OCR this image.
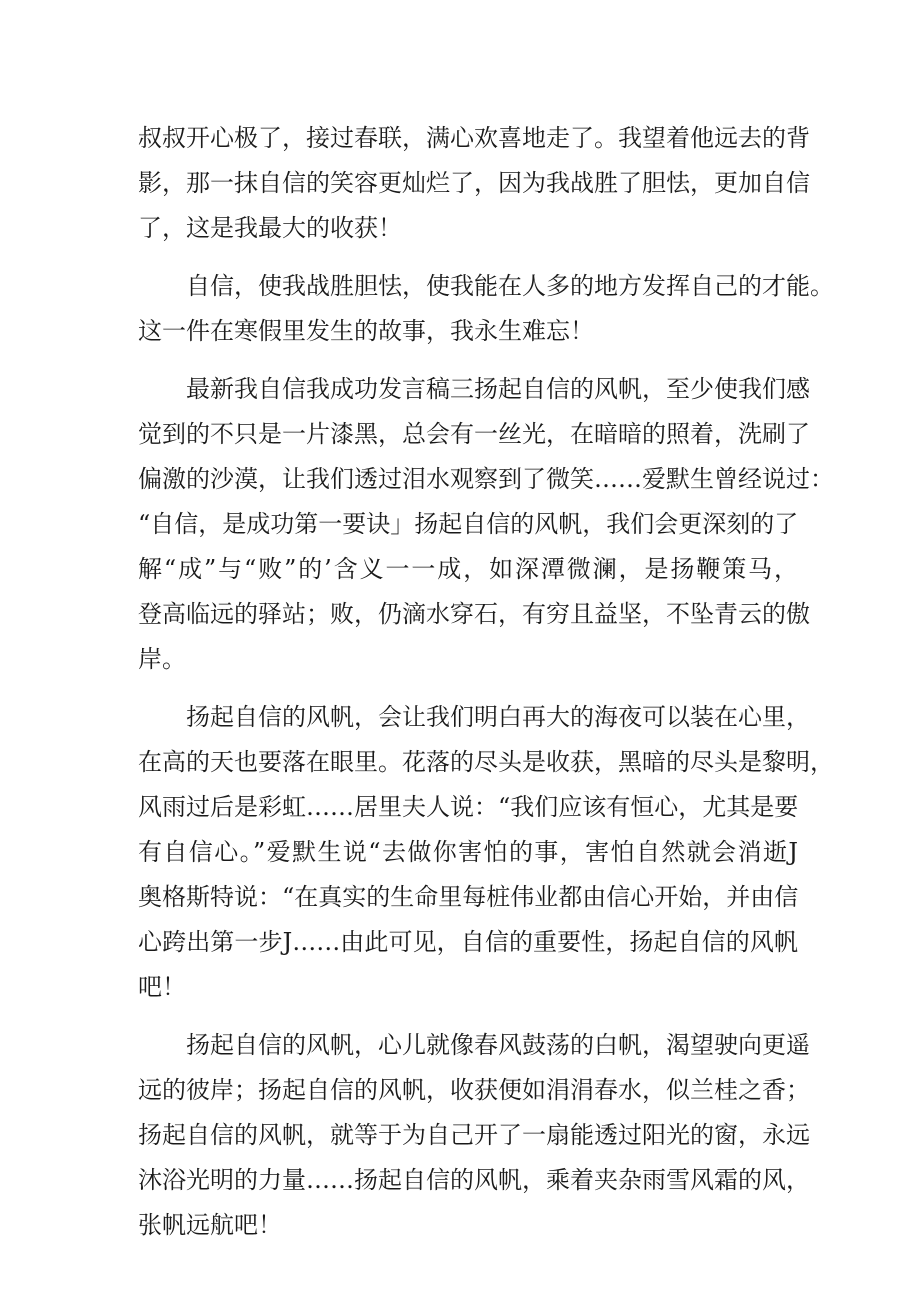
叔叔开心极了，接过春联，满心欢喜地走了。我望着他远去的背
影，那一抹自信的笑容更灿烂了，因为我战胜了胆怯，更加自信
了，这是我最大的收获！
自信，使我战胜胆怯，使我能在人多的地方发挥自己的才能。
这一件在寒假里发生的故事，我永生难忘！
最新我自信我成功发言稿三扬起自信的风帆，至少使我们感
觉到的不只是一片漆黑，总会有一丝光，在暗暗的照着，洗刷了
偏激的沙漠，让我们透过泪水观察到了微笑……爱默生曾经说过：
“自信，是成功第一要诀」扬起自信的风帆，我们会更深刻的了
解“成”与“败”的’含义一一成，如深潭微澜，是扬鞭策马，
登高临远的驿站；败，仍滴水穿石，有穷且益坚，不坠青云的傲
岸。
扬起自信的风帆，会让我们明白再大的海夜可以装在心里，
在高的天也要落在眼里。花落的尽头是收获，黑暗的尽头是黎明，
风雨过后是彩虹……居里夫人说：“我们应该有恒心，尤其是要
有自信心。”爱默生说“去做你害怕的事，害怕自然就会消逝J
奥格斯特说：“在真实的生命里每桩伟业都由信心开始，并由信
心跨出第一步J……由此可见，自信的重要性，扬起自信的风帆
吧！
扬起自信的风帆，心儿就像春风鼓荡的白帆，渴望驶向更遥
远的彼岸；扬起自信的风帆，收获便如涓涓春水，似兰桂之香；
扬起自信的风帆，就等于为自己开了一扇能透过阳光的窗，永远
沐浴光明的力量……扬起自信的风帆，乘着夹杂雨雪风霜的风，
张帆远航吧！
